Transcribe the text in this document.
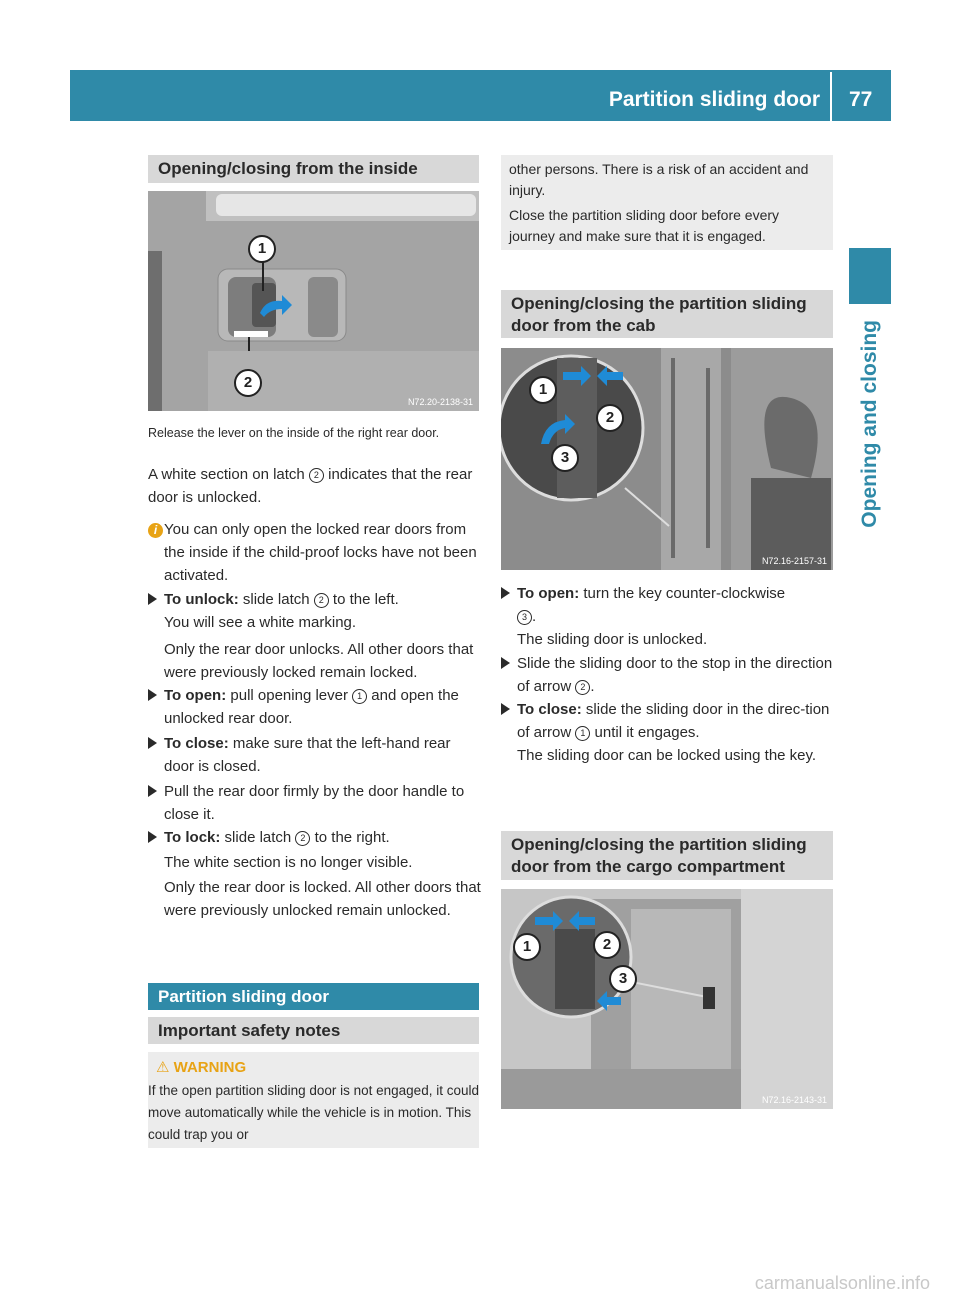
Partition sliding door 77
Opening and closing
Opening/closing from the inside
1
2
N72.20-2138-31
Release the lever on the inside of the right rear door.
A white section on latch 2 indicates that the rear door is unlocked.
i You can only open the locked rear doors from the inside if the child-proof locks have not been activated.
To unlock: slide latch 2 to the left.
You will see a white marking.
Only the rear door unlocks. All other doors that were previously locked remain locked.
To open: pull opening lever 1 and open the unlocked rear door.
To close: make sure that the left-hand rear door is closed.
Pull the rear door firmly by the door handle to close it.
To lock: slide latch 2 to the right.
The white section is no longer visible.
Only the rear door is locked. All other doors that were previously unlocked remain unlocked.
Partition sliding door
Important safety notes
⚠ WARNING
If the open partition sliding door is not engaged, it could move automatically while the vehicle is in motion. This could trap you or
other persons. There is a risk of an accident and injury.
Close the partition sliding door before every journey and make sure that it is engaged.
Opening/closing the partition sliding door from the cab
1
2
3
N72.16-2157-31
To open: turn the key counter-clockwise
3 .
The sliding door is unlocked.
Slide the sliding door to the stop in the direction of arrow 2 .
To close: slide the sliding door in the direc-tion of arrow 1 until it engages.
The sliding door can be locked using the key.
Opening/closing the partition sliding door from the cargo compartment
1	2
3
N72.16-2143-31
carmanualsonline.info
